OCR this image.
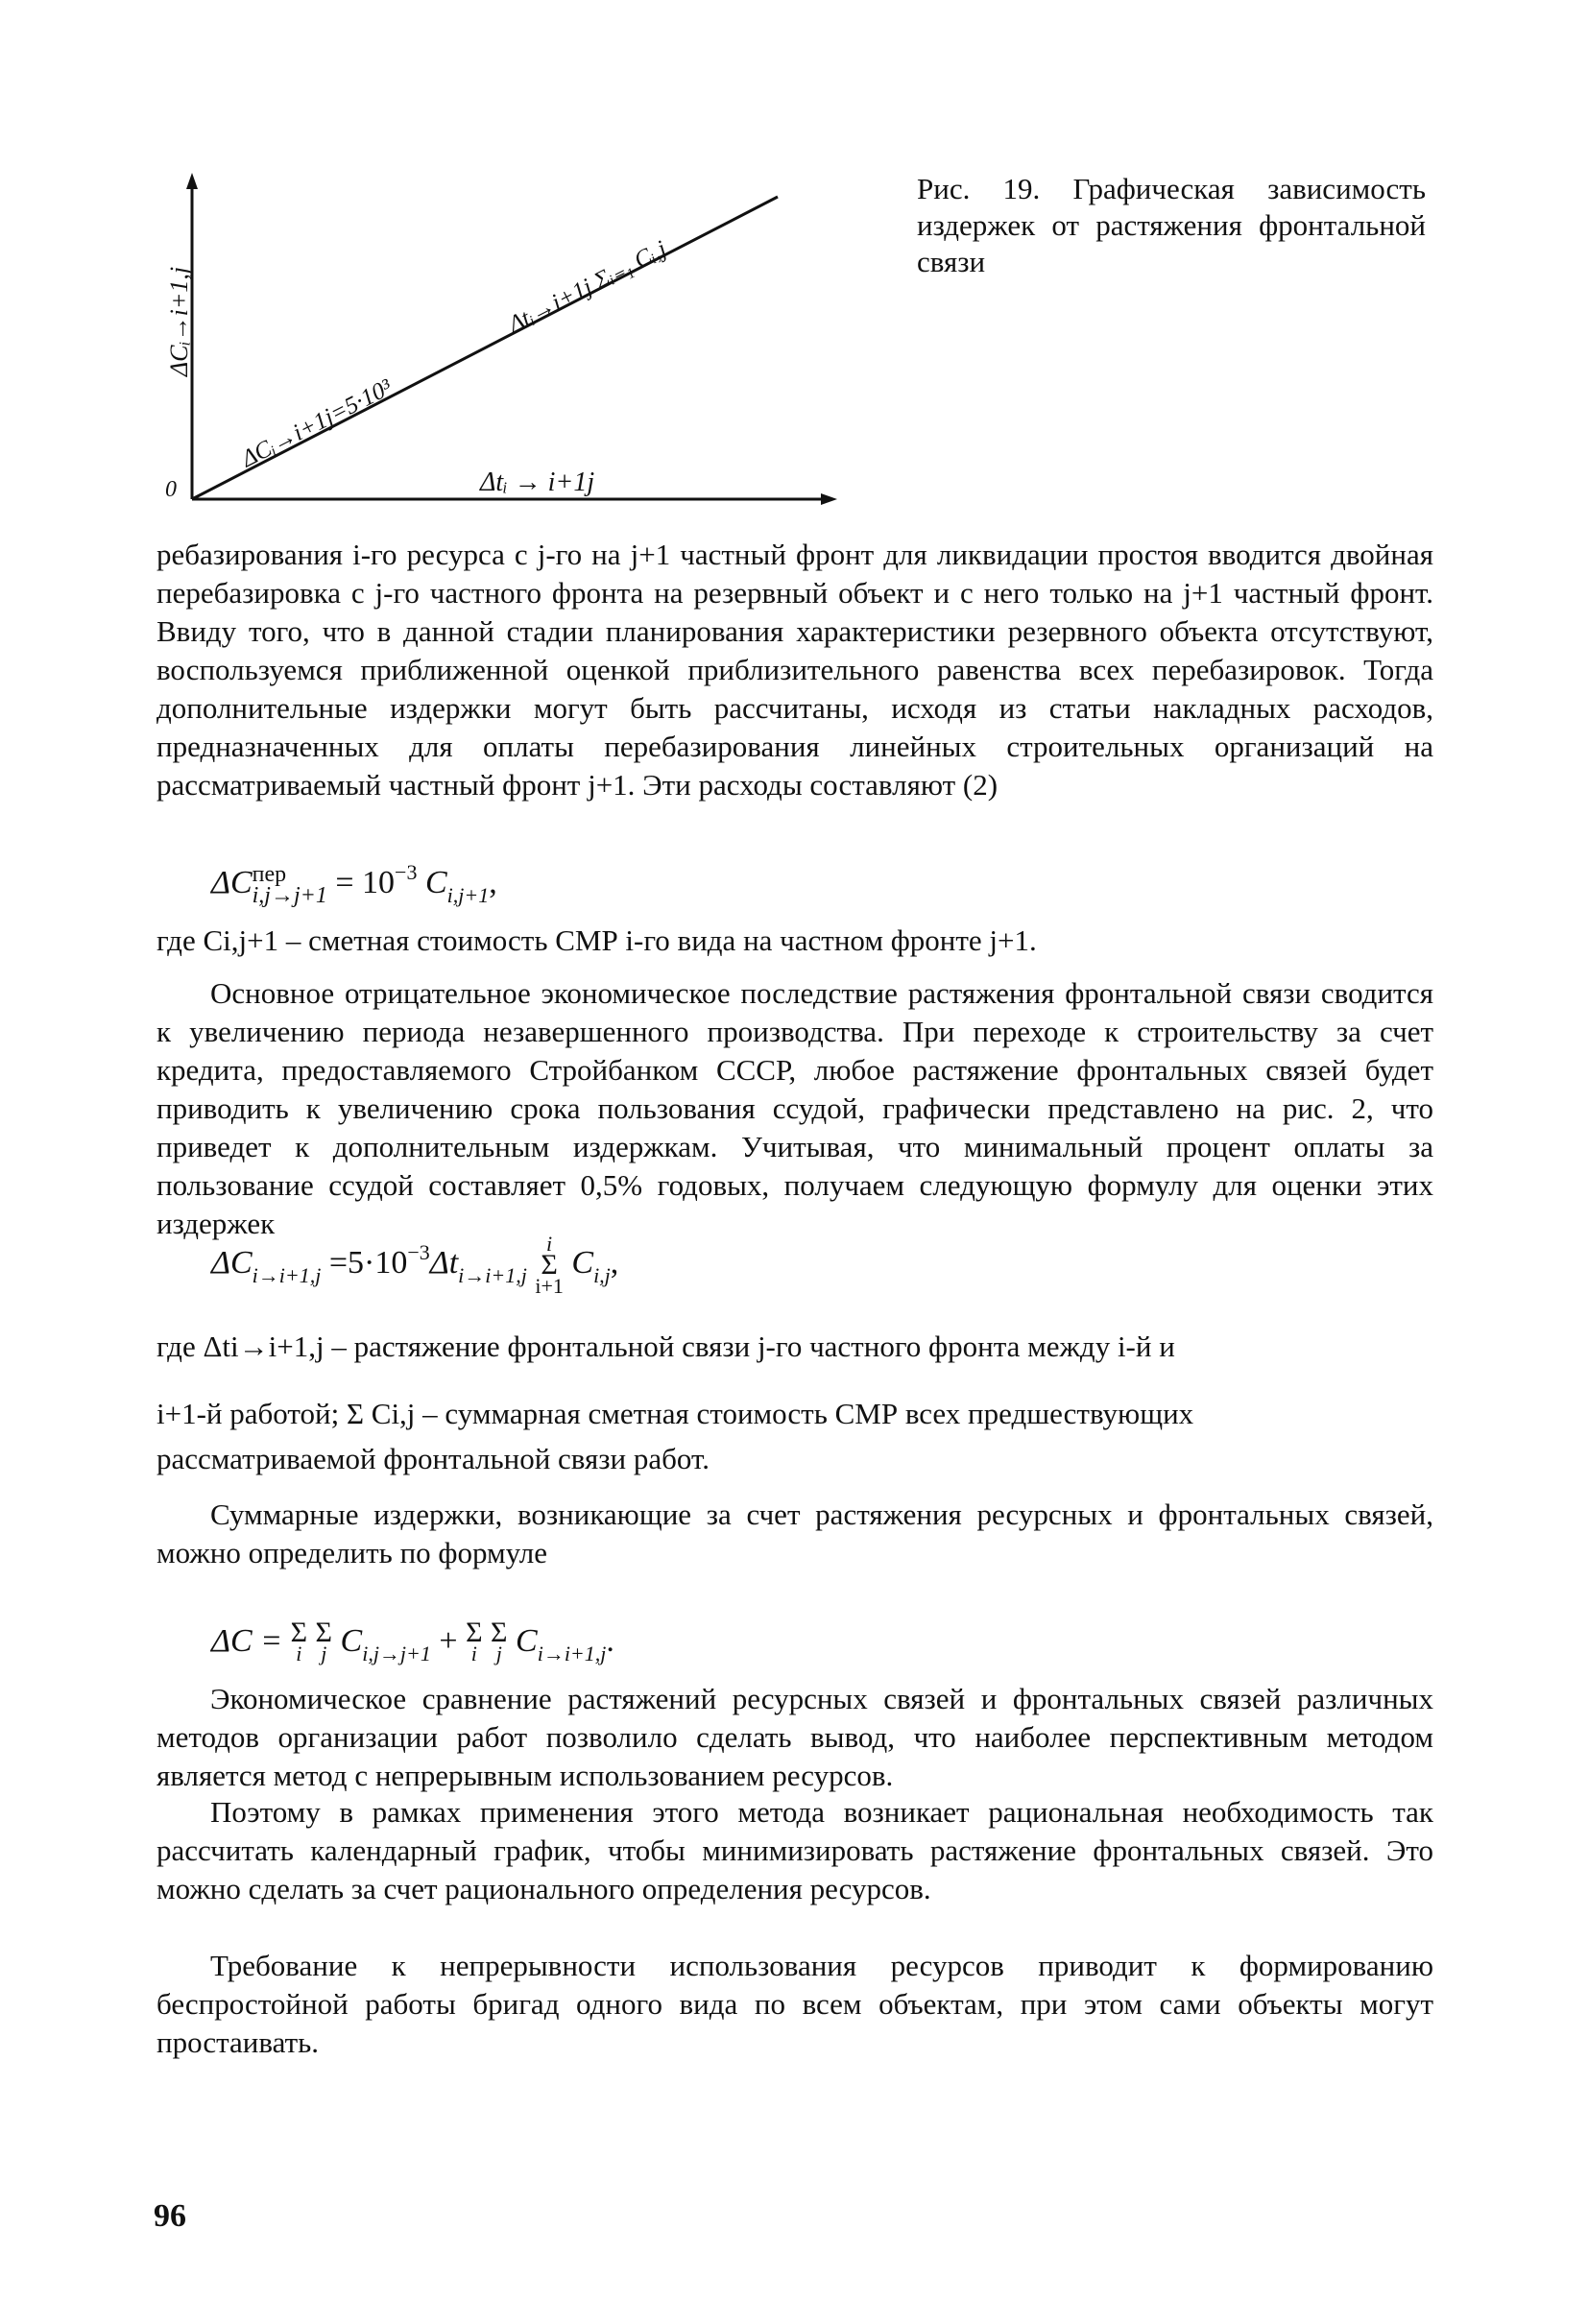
0
ΔCᵢ→i+1,j
Δtᵢ → i+1j
ΔCᵢ→i+1j=5·10³
Δtᵢ→i+1j Σᵢ₌₁ Cᵢ,j
Рис. 19. Графическая зависимость издержек от растяжения фронтальной связи

ребазирования i-го ресурса с j-го на j+1 частный фронт для ликвидации простоя вводится двойная перебазировка с j-го частного фронта на резервный объект и с него только на j+1 частный фронт. Ввиду того, что в данной стадии планирования характеристики резервного объекта отсутствуют, воспользуемся приближенной оценкой приблизительного равенства всех перебазировок. Тогда дополнительные издержки могут быть рассчитаны, исходя из статьи накладных расходов, предназначенных для оплаты перебазирования линейных строительных организаций на рассматриваемый частный фронт j+1. Эти расходы составляют (2)

ΔC пер
$i,j\to j+1 = 10^{-3}$ $C_{i,j+1}$,

где Ci,j+1 – сметная стоимость СМР i-го вида на частном фронте j+1.

Основное отрицательное экономическое последствие растяжения фронтальной связи сводится к увеличению периода незавершенного производства. При переходе к строительству за счет кредита, предоставляемого Стройбанком СССР, любое растяжение фронтальных связей будет приводить к увеличению срока пользования ссудой, графически представлено на рис. 2, что приведет к дополнительным издержкам. Учитывая, что минимальный процент оплаты за пользование ссудой составляет 0,5% годовых, получаем следующую формулу для оценки этих издержек

$\Delta C_{i\to i+1,j} =5\cdot 10^{-3}\Delta t_{i\to i+1,j}$
i
Σ
i+1
$C_{i,j}$,

где Δti→i+1,j – растяжение фронтальной связи j-го частного фронта между i-й и

i+1-й работой; Σ Ci,j – суммарная сметная стоимость СМР всех предшествующих

рассматриваемой фронтальной связи работ.

Суммарные издержки, возникающие за счет растяжения ресурсных и фронтальных связей, можно определить по формуле

ΔC = Σ
i

Σ
j $C_{i,j\to j+1} + \Sigma$
i

Σ
j $C_{i\to i+1,j}$.

Экономическое сравнение растяжений ресурсных связей и фронтальных связей различных методов организации работ позволило сделать вывод, что наиболее перспективным методом является метод с непрерывным использованием ресурсов.

Поэтому в рамках применения этого метода возникает рациональная необходимость так рассчитать календарный график, чтобы минимизировать растяжение фронтальных связей. Это можно сделать за счет рационального определения ресурсов.

Требование к непрерывности использования ресурсов приводит к формированию беспростойной работы бригад одного вида по всем объектам, при этом сами объекты могут простаивать.

96
